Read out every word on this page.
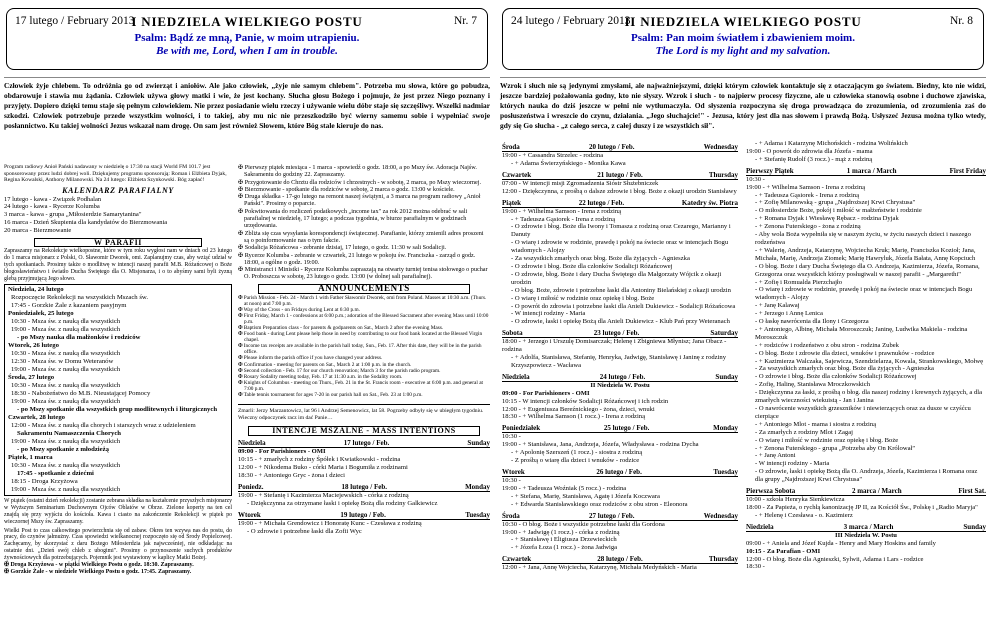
17 lutego / February 2013
I NIEDZIELA WIELKIEGO POSTU	Nr. 7
Psalm: Bądź ze mną, Panie, w moim utrapieniu.
Be with me, Lord, when I am in trouble.
Człowiek żyje chlebem. To odróżnia go od zwierząt i aniołów. Ale jako człowiek, „żyje nie samym chlebem". Potrzeba mu słowa, które go pobudza, obdarowuje i stawia mu żądania. Człowiek używa głowy matki i wie, że jest kochany. Słucha głosu Bożego i pojmuje, że jest przez Niego poznany i przyjęty. Dopiero dzięki temu staje się pełnym człowiekiem. Nie przez posiadanie wielu rzeczy i używanie wielu dóbr staje się szczęśliwy. Wszelki nadmiar szkodzi. Człowiek potrzebuje przede wszystkim wolności, i to takiej, aby mu nic nie przeszkodziło być wierny samemu sobie i wypełniać swoje posłannictwo. Ku takiej wolności Jezus wskazał nam drogę. On sam jest również Słowem, które Bóg stale kieruje do nas.
Program radiowy Anioł Pański nadawany w niedzielę o 17:30 na stacji World FM 101.7 jest sponsorowany przez ludzi dobrej woli. Dziękujemy programu sponsorują: Roman i Elżbieta Dyjak, Regina Kowalski, Anthony Milanowski. Na 24 lutego: Elżbieta Szynkowski. Bóg zapłać!
KALENDARZ PARAFIALNY
17 lutego - kawa - Związek Podhalan
24 lutego - kawa - Rycerze Kolumba
3 marca - kawa - grupa „Miłosierdzie Samarytanina"
16 marca - Dzień Skupienia dla kandydatów do Bierzmowania
20 marca - Bierzmowanie
W PARAFII
Zapraszamy na Rekolekcje wielkopostne, które w tym roku wygłosi nam w dniach od 23 lutego do 1 marca misjonarz z Polski, O. Sławomir Dworek, omi. Zaplanujmy czas, aby wziąć udział w tych spotkaniach. Prosimy także o modlitwę w intencji naszej parafii M.B. Różańcowej o Boże błogosławieństwo i światło Ducha Świętego dla O. Misjonarza, i o to abyśmy sami byli żyzną glebą przyjmującą Jego słowo.
Niedziela, 24 lutego
Rozpoczęcie Rekolekcji na wszystkich Mszach św.
17:45 - Gorzkie Żale z kazaniem pasyjnym
Poniedziałek, 25 lutego
10:30 - Msza św. z nauką dla wszystkich
19:00 - Msza św. z nauką dla wszystkich
- po Mszy nauka dla małżonków i rodziców
Wtorek, 26 lutego
10:30 - Msza św. z nauką dla wszystkich
12:30 - Msza św. w Domu Weteranów
19:00 - Msza św. z nauką dla wszystkich
Środa, 27 lutego
10:30 - Msza św. z nauką dla wszystkich
18:30 - Nabożeństwo do M.B. Nieustającej Pomocy
19:00 - Msza św. z nauką dla wszystkich
- po Mszy spotkanie dla wszystkich grup modlitewnych i liturgicznych
Czwartek, 28 lutego
12:00 - Msza św. z nauką dla chorych i starszych wraz z udzieleniem
Sakramentu Namaszczenia Chorych
19:00 - Msza św. z nauką dla wszystkich
- po Mszy spotkanie z młodzieżą
Piątek, 1 marca
10:30 - Msza św. z nauką dla wszystkich
17:45 - spotkanie z dziećmi
18:15 - Droga Krzyżowa
19:00 - Msza św. z nauką dla wszystkich
W piątek (ostatni dzień rekolekcji) zostanie zebrana składka na kształcenie przyszłych misjonarzy w Wyższym Seminarium Duchownym Ojców Oblatów w Obrze. Zielone koperty na ten cel znajdą się przy wyjściu do kościoła. Kawa i ciasto na zakończenie Rekolekcji w piątek po wieczornej Mszy św. Zapraszamy.
Wielki Post to czas całkowitego powierzchnia się od zabaw. Okres ten wzywa nas do postu, do pracy, do czynów jałmużny. Czas spowiedzi wielkanocnej rozpoczęto się od Środy Popielcowej. Zachęcamy, by skorzystać z daru Bożego Miłosierdzia jak najwcześniej, nie odkładając na ostatnie dni. „Dzień swój chleb z ubogimi". Prosimy o przynoszenie suchych produktów żywnościowych dla potrzebujących. Pojemnik jest wystawiony w kaplicy Matki Bożej.
✠ Droga Krzyżowa - w piątki Wielkiego Postu o godz. 18:30. Zapraszamy.
✠ Gorzkie Żale - w niedziele Wielkiego Postu o godz. 17:45. Zapraszamy.
✠ Pierwszy piątek miesiąca - 1 marca - spowiedź o godz. 18:00, a po Mszy św. Adoracja Najśw. Sakramentu do godziny 22. Zapraszamy.
✠ Przygotowanie do Chrztu dla rodziców i chrzestnych - w sobotę, 2 marca, po Mszy wieczornej.
✠ Bierzmowanie - spotkanie dla rodziców w sobotę, 2 marca o godz. 13:00 w kościele.
✠ Druga składka - 17-go lutego na remont naszej świątyni, a 3 marca na program radiowy „Anioł Pański". Prosimy o poparcie.
✠ Pokwitowania do rozliczeń podatkowych „income tax" za rok 2012 można odebrać w sali parafialnej w niedzielę, 17 lutego; a podczas tygodnia, w biurze parafialnym w godzinach urzędowania.
✠ Zbliża się czas wysyłania korespondencji świątecznej. Parafianie, którzy zmienili adres proszeni są o poinformowanie nas o tym fakcie.
✠ Sodalicja Różańcowa - zebranie dzisiaj, 17 lutego, o godz. 11:30 w sali Sodalicji.
✠ Rycerze Kolumba - zebranie w czwartek, 21 lutego w pokoju św. Franciszka - zarząd o godz. 18:00, a ogólne o godz. 19:00.
✠ Ministranci i Ministki - Rycerze Kolumba zapraszają na otwarty turniej tenisa stołowego o puchar O. Proboszcza w sobotę, 23 lutego o godz. 13:00 (w dolnej sali parafialnej).
ANNOUNCEMENTS
✠ Parish Mission - Feb. 24 - March 1 with Father Sławomir Dworek, omi from Poland. Masses at 10:30 a.m. (Thurs. at noon) and 7:00 p.m.
✠ Way of the Cross - on Fridays during Lent at 6:30 p.m.
✠ First Friday, March 1 - confessions at 6:00 p.m.; adoration of the Blessed Sacrament after evening Mass until 10:00 p.m.
✠ Baptism Preparation class - for parents & godparents on Sat., March 2 after the evening Mass.
✠ Food bank - during Lent please help those in need by contributing to our food bank located at the Blessed Virgin chapel.
✠ Income tax receipts are available in the parish hall today, Sun., Feb. 17. After this date, they will be in the parish office.
✠ Please inform the parish office if you have changed your address.
✠ Confirmation - meeting for parents on Sat., March 2 at 1:00 p.m. in the church.
✠ Second collection - Feb. 17 for our church renovation; March 3 for the parish radio program.
✠ Rosary Sodality meeting today, Feb. 17 at 11:30 a.m. in the Sodality room.
✠ Knights of Columbus - meeting on Thurs., Feb. 21 in the St. Francis room - executive at 6:00 p.m. and general at 7:00 p.m.
✠ Table tennis tournament for ages 7-20 in our parish hall on Sat., Feb. 23 at 1:00 p.m.
Zmarli: Jerzy Marzantowicz, lat 96 i Andrzej Semenowicz, lat 58. Pogrzeby odbyły się w ubiegłym tygodniu. Wieczny odpoczynek racz im dać Panie…
INTENCJE MSZALNE - MASS INTENTIONS
Niedziela	17 lutego / Feb.	Sunday
09:00 - For Parishioners - OMI
10:15 - + zmarłych z rodziny Śpółek i Kwiatkowski - rodzina
12:00 - + Nikodema Buko - córki Maria i Bogumiła z rodzinami
18:30 - + Antoniego Gryc - żona i dzieci
Poniedz.	18 lutego / Feb.	Monday
19:00 - + Stefanię i Kazimierza Maciejewskich - córka z rodziną
- Dziękczynna za otrzymane łaski i opiekę Bożą dla rodziny Galkiewicz
Wtorek	19 lutego / Feb.	Tuesday
19:00 - + Michała Grendowicz i Honoratę Kunc - Czesława z rodziną
- O zdrowie i potrzebne łaski dla Zofii Wyc
24 lutego / February 2013
II NIEDZIELA WIELKIEGO POSTU	Nr. 8
Psalm: Pan moim światłem i zbawieniem moim.
The Lord is my light and my salvation.
Wzrok i słuch nie są jedynymi zmysłami, ale najważniejszymi, dzięki którym człowiek kontaktuje się z otaczającym go światem. Biedny, kto nie widzi, jeszcze bardziej pożałowania godny, kto nie słyszy. Wzrok i słuch - to najpierw procesy fizyczne, ale u człowieka stanowią osobne i duchowe zjawiska, których nauka do dziś jeszcze w pełni nie wytłumaczyła. Od słyszenia rozpoczyna się droga prowadząca do zrozumienia, od zrozumienia zaś do posłuszeństwa i wreszcie do czynu, działania. „Jego słuchajcie!" - Jezusa, który jest dla nas słowem i prawdą Bożą. Usłyszeć Jezusa można tylko wtedy, gdy się Go słucha - „z całego serca, z całej duszy i ze wszystkich sił".
Środa	20 lutego / Feb.	Wednesday
19:00 - + Cassandra Strzelec - rodzina
- + Adama Świerzyńskiego - Monika Kawa
Czwartek	21 lutego / Feb.	Thursday
07:00 - W intencji misji Zgromadzenia Sióstr Służebniczek
12:00 - Dziękczynna, z prośbą o dalsze zdrowie i błog. Boże z okazji urodzin Stanisławy
Piątek	22 lutego / Feb.	Katedry św. Piotra
19:00 - + Wilhelma Samson - Irena z rodziną
- + Tadeusza Gąsiorek - Irena z rodziną
- O zdrowie i błog. Boże dla Iwony i Tomasza z rodziną oraz Cezarego, Marianny i Danuty
- O wiarę i zdrowie w rodzinie, prawdę i pokój na świecie oraz w intencjach Bogu wiadomych - Alojzy
- Za wszystkich zmarłych oraz błog. Boże dla żyjących - Agnieszka
- O zdrowie i błog. Boże dla członków Sodalicji Różańcowej
- O zdrowie, błog. Boże i dary Ducha Świętego dla Małgorzaty Wójcik z okazji urodzin
- O błog. Boże, zdrowie i potrzebne łaski dla Antoniny Bielańskiej z okazji urodzin
- O wiarę i miłość w rodzinie oraz opiekę i błog. Boże
- O powrót do zdrowia i potrzebne łaski dla Anieli Dukiewicz - Sodalicji Różańcowa
- W intencji rodziny - Maria
- O zdrowie, łaski i opiekę Bożą dla Anieli Dukiewicz - Klub Pań przy Weteranach
Sobota	23 lutego / Feb.	Saturday
18:00 - + Jerzego i Urszulę Domisarczak; Helenę i Zbigniewa Młynisz; Jana Obacz - rodzina
- + Adolfa, Stanisława, Stefanię, Henryka, Jadwigę, Stanisławę i Janinę z rodziny Krzyszpowiecz - Wacława
Niedziela	24 lutego / Feb.	Sunday
II Niedziela W. Postu
09:00 - For Parishioners - OMI
10:15 - W intencji członków Sodalicji Różańcowej i ich rodzin
12:00 - + Eugeniusza Bereźnickiego - żona, dzieci, wnuki
18:30 - + Wilhelma Samson (1 rocz.) - Irena z rodziną
Poniedziałek	25 lutego / Feb.	Monday
10:30 -
19:00 - + Stanisława, Jana, Andrzeja, Józefa, Władysława - rodzina Dycha
- + Apolonię Szerszeń (1 rocz.) - siostra z rodziną
- Z prośbą o wiarę dla dzieci i wnuków - rodzice
Wtorek	26 lutego / Feb.	Tuesday
10:30 -
19:00 - + Tadeusza Woźniak (5 rocz.) - rodzina
- + Stefana, Marię, Stanisława, Agatę i Józefa Koczwara
- + Edwarda Stanisławskiego oraz rodziców z obu stron - Eleonora
Środa	27 lutego / Feb.	Wednesday
10:30 - O błog. Boże i wszystkie potrzebne łaski dla Gordona
19:00 - + Jadwigę (1 rocz.) - córka z rodziną
- + Stanisławę i Eligiusza Drzewieckich
- + Józefa Łoza (1 rocz.) - żona Jadwiga
Czwartek	28 lutego / Feb.	Thursday
12:00 - + Jana, Annę Wojciecha, Katarzynę, Michała Medyńskich - Maria
- + Adama i Katarzynę Michońskich - rodzina Wolińskich
19:00 - O powrót do zdrowia dla Józefa - mama
- + Stefanię Rudolf (3 rocz.) - mąż z rodziną
Pierwszy Piątek	1 marca / March	First Friday
10:30 -
19:00 - + Wilhelma Samson - Irena z rodziną
- + Tadeusza Gąsiorek - Irena z rodziną
- + Zofię Milanowską - grupa „Najdroższej Krwi Chrystusa"
- O miłosierdzie Boże, pokój i miłość w małżeństwie i rodzinie
- + Romana Dyjak i Wiesławę Rębacz - rodzina Dyjak
- + Zenona Futerskiego - żona z rodziną
- Aby wola Boża wypełniła się w naszym życiu, w życiu naszych dzieci i naszego rodzeństwa
- + Walerię, Andrzeja, Katarzynę, Wojciecha Kruk; Marię, Franciszka Kozioł; Jana, Michała, Marię, Andrzeja Ziomek; Marię Hawryluk, Józefa Bałata, Annę Kopciuch
- O błog. Boże i dary Ducha Świętego dla O. Andrzeja, Kazimierza, Józefa, Romana, Grzegorza oraz wszystkich którzy posługiwali w naszej parafii - „Margarethi"
- + Zofię i Romualda Pierzchajło
- O wiarę i zdrowie w rodzinie, prawdę i pokój na świecie oraz w intencjach Bogu wiadomych - Alojzy
- + Janę Kalawaj
- + Jerzego i Annę Lenica
- O łaskę nawrócenia dla Ilony i Grzegorza
- + Antoniego, Albinę, Michała Moroszczuk; Janinę, Ludwika Makiela - rodzina Moroszczuk
- + rodziców i rodzeństwo z obu stron - rodzina Zubek
- O błog. Boże i zdrowie dla dzieci, wnuków i prawnuków - rodzice
- + Kazimierza Walczaka, Sajewicza, Szendzielarza, Kowala, Strankowskiego, Mołwę
- Za wszystkich zmarłych oraz błog. Boże dla żyjących - Agnieszka
- O zdrowie i błog. Boże dla członków Sodalicji Różańcowej
- Zofię, Halinę, Stanisława Mroczkowskich
- Dziękczynna za łaski, z prośbą o błog. dla naszej rodziny i krewnych żyjących, a dla zmarłych wieczności wiekuistą - Jan i Janina
- O nawrócenie wszystkich grzeszników i niewierzących oraz za dusze w czyśćcu cierpiące
- + Antoniego Mlot - mama i siostra z rodziną
- Za zmarłych z rodziny Mlot i Zagaj
- O wiarę i miłość w rodzinie oraz opiekę i błog. Boże
- + Zenona Futerskiego - grupa „Potrzeba aby On Królował"
- + Janę Antoni
- W intencji rodziny - Maria
- O zdrowie, łaski i opiekę Bożą dla O. Andrzeja, Józefa, Kazimierza i Romana oraz dla grupy „Najdroższej Krwi Chrystusa"
Pierwsza Sobota	2 marca / March	First Sat.
10:00 - szkoła Henryka Sienkiewicza
18:00 - Za Papieża, o rychłą kanonizację JP II, za Kościół Św., Polskę i „Radio Maryja"
- + Helenę i Czesława - o. Kazimierz
Niedziela	3 marca / March	Sunday
III Niedziela W. Postu
09:00 - + Aniela and Józef Kujda - Henry and Mary Hoskins and family
10:15 - Za Parafian - OMI
12:00 - O błog. Boże dla Agnieszki, Sylwii, Adama i Lars - rodzice
18:30 -
